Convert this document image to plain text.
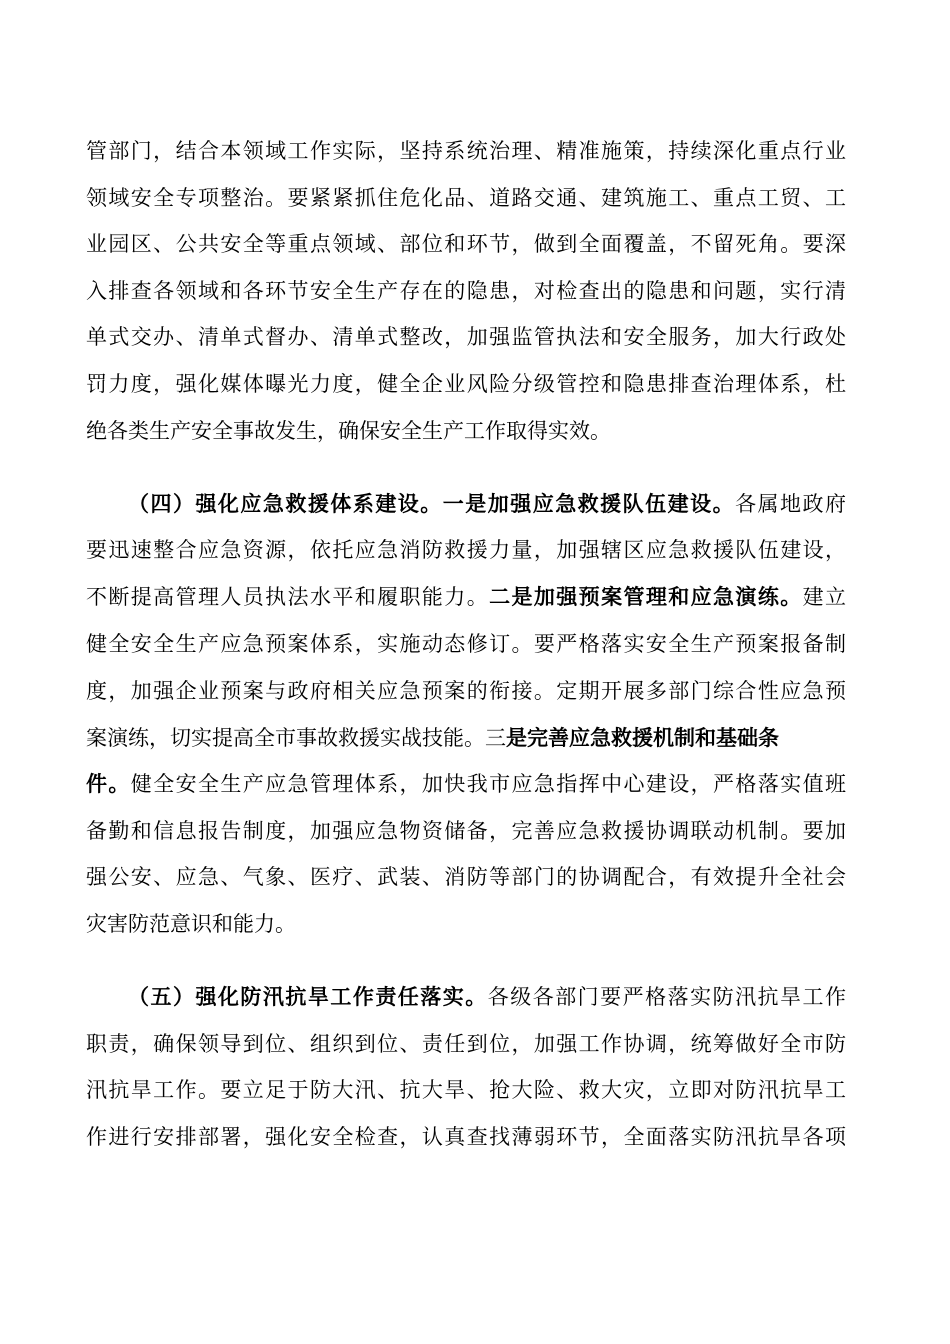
管部门，结合本领域工作实际，坚持系统治理、精准施策，持续深化重点行业
领域安全专项整治。要紧紧抓住危化品、道路交通、建筑施工、重点工贸、工
业园区、公共安全等重点领域、部位和环节，做到全面覆盖，不留死角。要深
入排查各领域和各环节安全生产存在的隐患，对检查出的隐患和问题，实行清
单式交办、清单式督办、清单式整改，加强监管执法和安全服务，加大行政处
罚力度，强化媒体曝光力度，健全企业风险分级管控和隐患排查治理体系，杜
绝各类生产安全事故发生，确保安全生产工作取得实效。
（四）强化应急救援体系建设。一是加强应急救援队伍建设。各属地政府
要迅速整合应急资源，依托应急消防救援力量，加强辖区应急救援队伍建设，
不断提高管理人员执法水平和履职能力。二是加强预案管理和应急演练。建立
健全安全生产应急预案体系，实施动态修订。要严格落实安全生产预案报备制
度，加强企业预案与政府相关应急预案的衔接。定期开展多部门综合性应急预
案演练，切实提高全市事故救援实战技能。三是完善应急救援机制和基础条
件。健全安全生产应急管理体系，加快我市应急指挥中心建设，严格落实值班
备勤和信息报告制度，加强应急物资储备，完善应急救援协调联动机制。要加
强公安、应急、气象、医疗、武装、消防等部门的协调配合，有效提升全社会
灾害防范意识和能力。
（五）强化防汛抗旱工作责任落实。各级各部门要严格落实防汛抗旱工作
职责，确保领导到位、组织到位、责任到位，加强工作协调，统筹做好全市防
汛抗旱工作。要立足于防大汛、抗大旱、抢大险、救大灾，立即对防汛抗旱工
作进行安排部署，强化安全检查，认真查找薄弱环节，全面落实防汛抗旱各项
